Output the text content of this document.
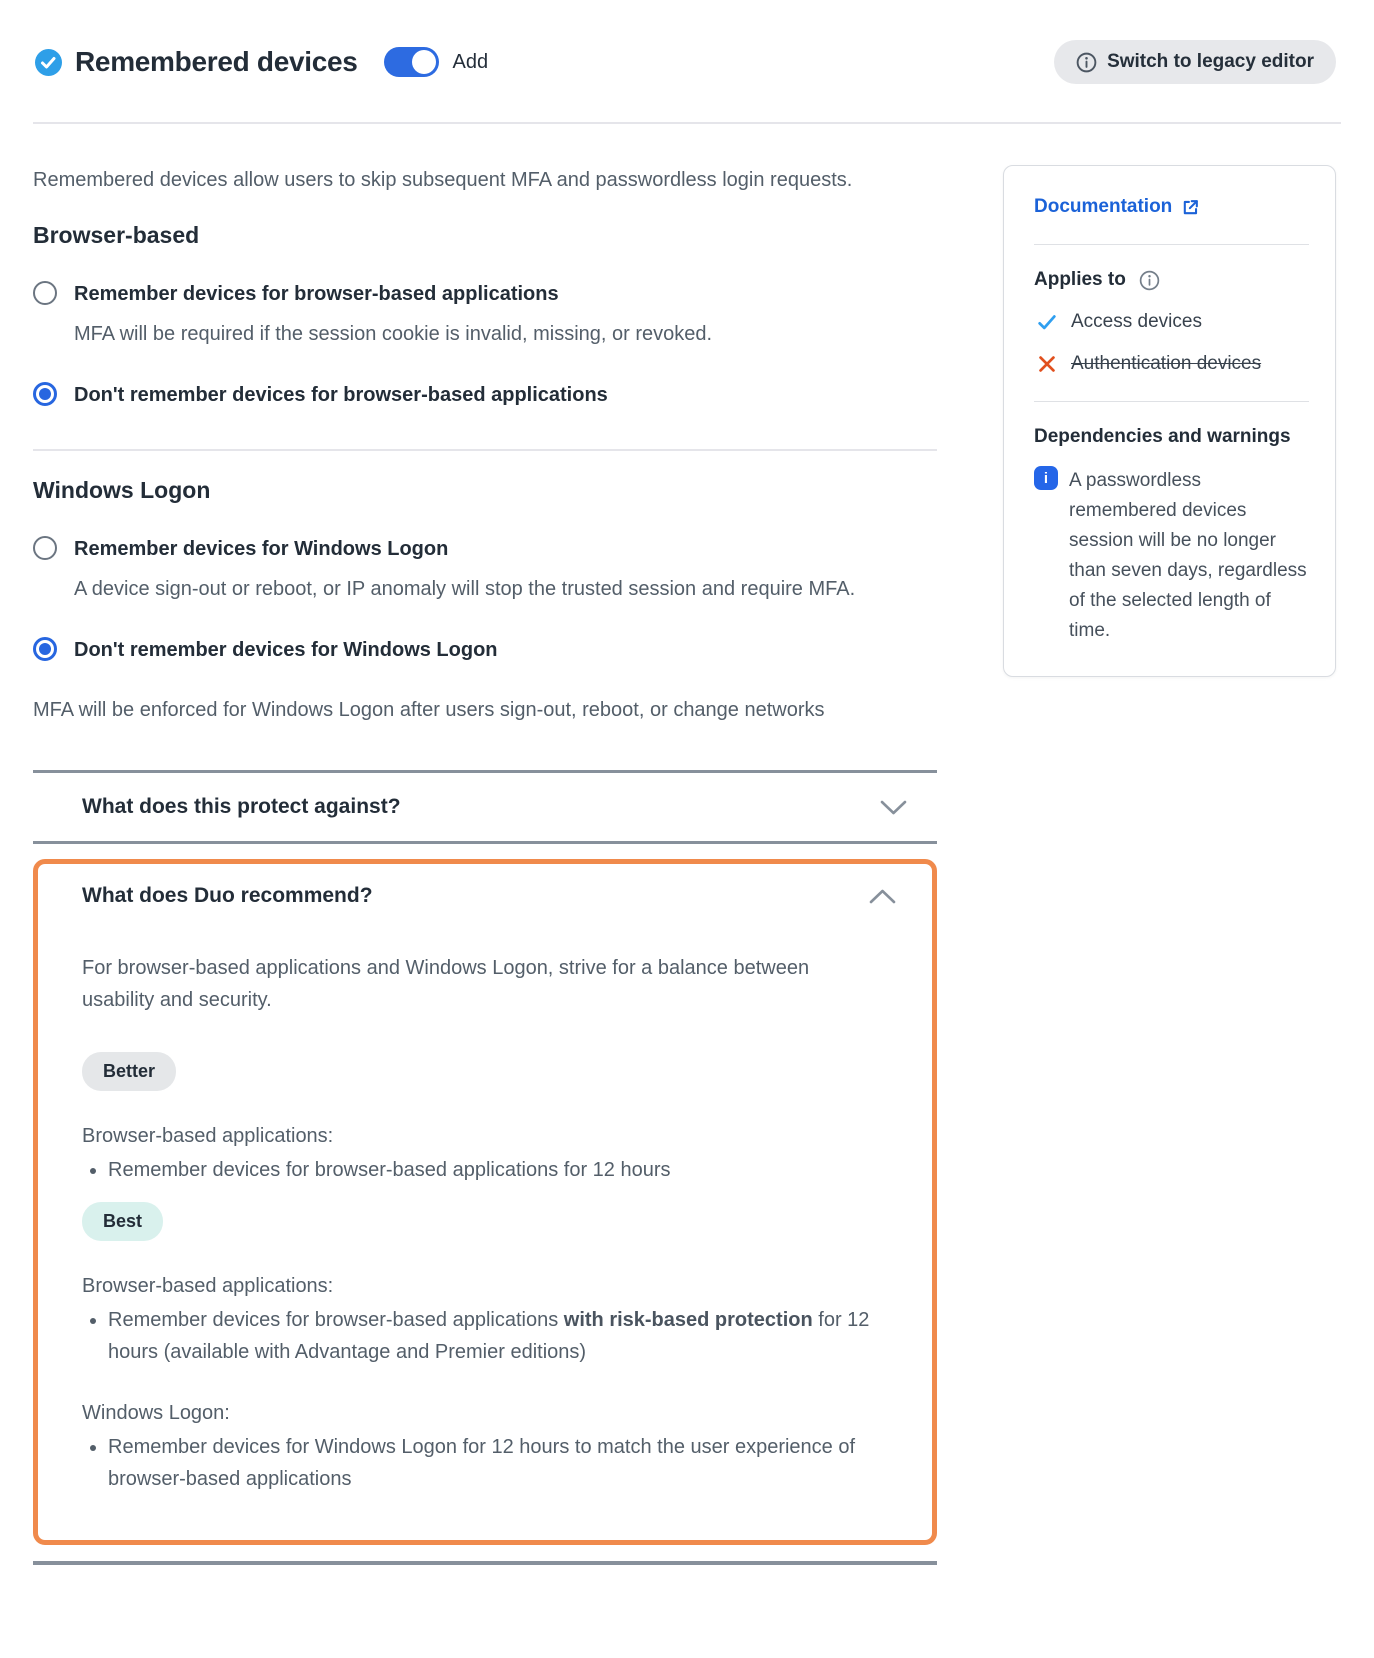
Remembered devices	Add	Switch to legacy editor

Remembered devices allow users to skip subsequent MFA and passwordless login requests.

Browser-based
Remember devices for browser-based applications
MFA will be required if the session cookie is invalid, missing, or revoked.
Don't remember devices for browser-based applications
Windows Logon
Remember devices for Windows Logon
A device sign-out or reboot, or IP anomaly will stop the trusted session and require MFA.
Don't remember devices for Windows Logon

MFA will be enforced for Windows Logon after users sign-out, reboot, or change networks

What does this protect against?
What does Duo recommend?

For browser-based applications and Windows Logon, strive for a balance between usability and security.

Better
Browser-based applications:
• Remember devices for browser-based applications for 12 hours
Best
Browser-based applications:
• Remember devices for browser-based applications with risk-based protection for 12 hours (available with Advantage and Premier editions)
Windows Logon:
• Remember devices for Windows Logon for 12 hours to match the user experience of browser-based applications
Documentation
Applies to
Access devices
Authentication devices
Dependencies and warnings
i	A passwordless remembered devices session will be no longer than seven days, regardless of the selected length of time.
